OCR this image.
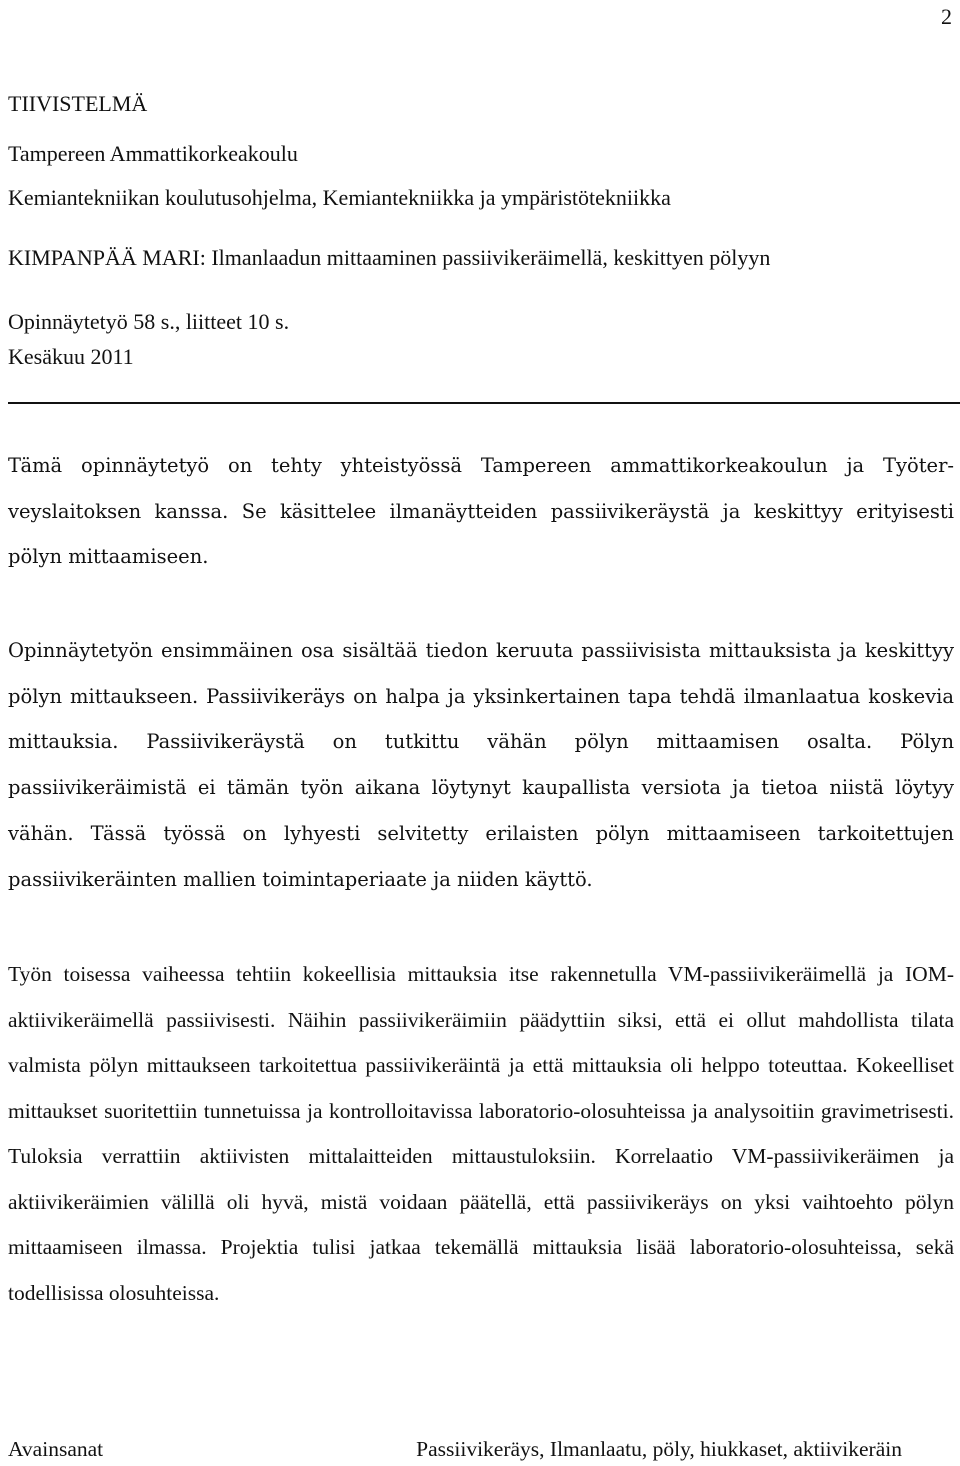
2
TIIVISTELMÄ
Tampereen Ammattikorkeakoulu
Kemiantekniikan koulutusohjelma, Kemiantekniikka ja ympäristötekniikka
KIMPANPÄÄ MARI: Ilmanlaadun mittaaminen passiivikeräimellä, keskittyen pölyyn
Opinnäytetyö 58 s., liitteet 10 s.
Kesäkuu 2011

Tämä opinnäytetyö on tehty yhteistyössä Tampereen ammattikorkeakoulun ja Työterveyslaitoksen kanssa. Se käsittelee ilmanäytteiden passiivikeräystä ja keskittyy erityisesti pölyn mittaamiseen.

Opinnäytetyön ensimmäinen osa sisältää tiedon keruuta passiivisista mittauksista ja keskittyy pölyn mittaukseen. Passiivikeräys on halpa ja yksinkertainen tapa tehdä ilmanlaatua koskevia mittauksia. Passiivikeräystä on tutkittu vähän pölyn mittaamisen osalta. Pölyn passiivikeräimistä ei tämän työn aikana löytynyt kaupallista versiota ja tietoa niistä löytyy vähän. Tässä työssä on lyhyesti selvitetty erilaisten pölyn mittaamiseen tarkoitettujen passiivikeräinten mallien toimintaperiaate ja niiden käyttö.

Työn toisessa vaiheessa tehtiin kokeellisia mittauksia itse rakennetulla VM-passiivikeräimellä ja IOM-aktiivikeräimellä passiivisesti. Näihin passiivikeräimiin päädyttiin siksi, että ei ollut mahdollista tilata valmista pölyn mittaukseen tarkoitettua passiivikeräintä ja että mittauksia oli helppo toteuttaa. Kokeelliset mittaukset suoritettiin tunnetuissa ja kontrolloitavissa laboratorio-olosuhteissa ja analysoitiin gravimetrisesti. Tuloksia verrattiin aktiivisten mittalaitteiden mittaustuloksiin. Korrelaatio VM-passiivikeräimen ja aktiivikeräimien välillä oli hyvä, mistä voidaan päätellä, että passiivikeräys on yksi vaihtoehto pölyn mittaamiseen ilmassa. Projektia tulisi jatkaa tekemällä mittauksia lisää laboratorio-olosuhteissa, sekä todellisissa olosuhteissa.

Avainsanat	Passiivikeräys, Ilmanlaatu, pöly, hiukkaset, aktiivikeräin
